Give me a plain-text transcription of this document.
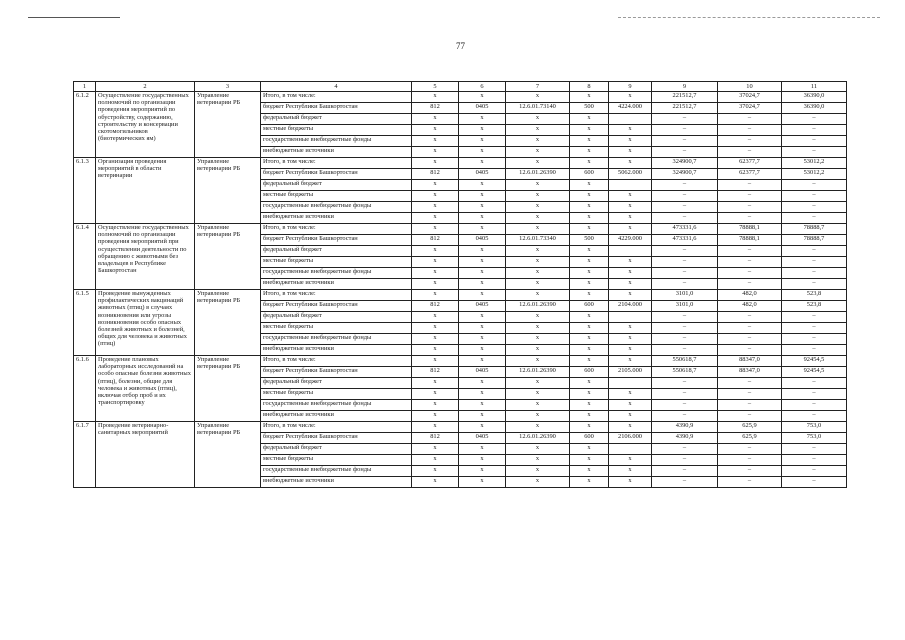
77
1	2	3	4	5	6	7	8	9	9	10	11
6.1.2	Осуществление государственных полномочий по организации проведения мероприятий по обустройству, содержанию, строительству и консервации скотомогильников (биотермических ям)	Управление ветеринарии РБ	Итого, в том числе:	х	х	х	х	х	221512,7	37024,7	36390,0
			бюджет Республики Башкортостан	812	0405	12.6.01.73140	500	4224.000	221512,7	37024,7	36390,0
			федеральный бюджет	х	х	х	х		–	–	–
			местные бюджеты	х	х	х	х	х	–	–	–
			государственные внебюджетные фонды	х	х	х	х	х	–	–	–
			внебюджетные источники	х	х	х	х	х	–	–	–
6.1.3	Организация проведения мероприятий в области ветеринарии	Управление ветеринарии РБ	Итого, в том числе:	х	х	х	х	х	324900,7	62377,7	53012,2
			бюджет Республики Башкортостан	812	0405	12.6.01.26390	600	5062.000	324900,7	62377,7	53012,2
			федеральный бюджет	х	х	х	х		–	–	–
			местные бюджеты	х	х	х	х	х	–	–	–
			государственные внебюджетные фонды	х	х	х	х	х	–	–	–
			внебюджетные источники	х	х	х	х	х	–	–	–
6.1.4	Осуществление государственных полномочий по организации проведения мероприятий при осуществлении деятельности по обращению с животными без владельцев в Республике Башкортостан	Управление ветеринарии РБ	Итого, в том числе:	х	х	х	х	х	473331,6	78888,1	78888,7
			бюджет Республики Башкортостан	812	0405	12.6.01.73340	500	4229.000	473331,6	78888,1	78888,7
			федеральный бюджет	х	х	х	х		–	–	–
			местные бюджеты	х	х	х	х	х	–	–	–
			государственные внебюджетные фонды	х	х	х	х	х	–	–	–
			внебюджетные источники	х	х	х	х	х	–	–	–
6.1.5	Проведение вынужденных профилактических вакцинаций животных (птиц) в случаях возникновения или угрозы возникновения особо опасных болезней животных и болезней, общих для человека и животных (птиц)	Управление ветеринарии РБ	Итого, в том числе:	х	х	х	х	х	3101,0	482,0	523,8
			бюджет Республики Башкортостан	812	0405	12.6.01.26390	600	2104.000	3101,0	482,0	523,8
			федеральный бюджет	х	х	х	х		–	–	–
			местные бюджеты	х	х	х	х	х	–	–	–
			государственные внебюджетные фонды	х	х	х	х	х	–	–	–
			внебюджетные источники	х	х	х	х	х	–	–	–
6.1.6	Проведение плановых лабораторных исследований на особо опасные болезни животных (птиц), болезни, общие для человека и животных (птиц), включая отбор проб и их транспортировку	Управление ветеринарии РБ	Итого, в том числе:	х	х	х	х	х	550618,7	88347,0	92454,5
			бюджет Республики Башкортостан	812	0405	12.6.01.26390	600	2105.000	550618,7	88347,0	92454,5
			федеральный бюджет	х	х	х	х		–	–	–
			местные бюджеты	х	х	х	х	х	–	–	–
			государственные внебюджетные фонды	х	х	х	х	х	–	–	–
			внебюджетные источники	х	х	х	х	х	–	–	–
6.1.7	Проведение ветеринарно-санитарных мероприятий	Управление ветеринарии РБ	Итого, в том числе:	х	х	х	х	х	4390,9	625,9	753,0
			бюджет Республики Башкортостан	812	0405	12.6.01.26390	600	2106.000	4390,9	625,9	753,0
			федеральный бюджет	х	х	х	х		–	–	–
			местные бюджеты	х	х	х	х	х	–	–	–
			государственные внебюджетные фонды	х	х	х	х	х	–	–	–
			внебюджетные источники	х	х	х	х	х	–	–	–
